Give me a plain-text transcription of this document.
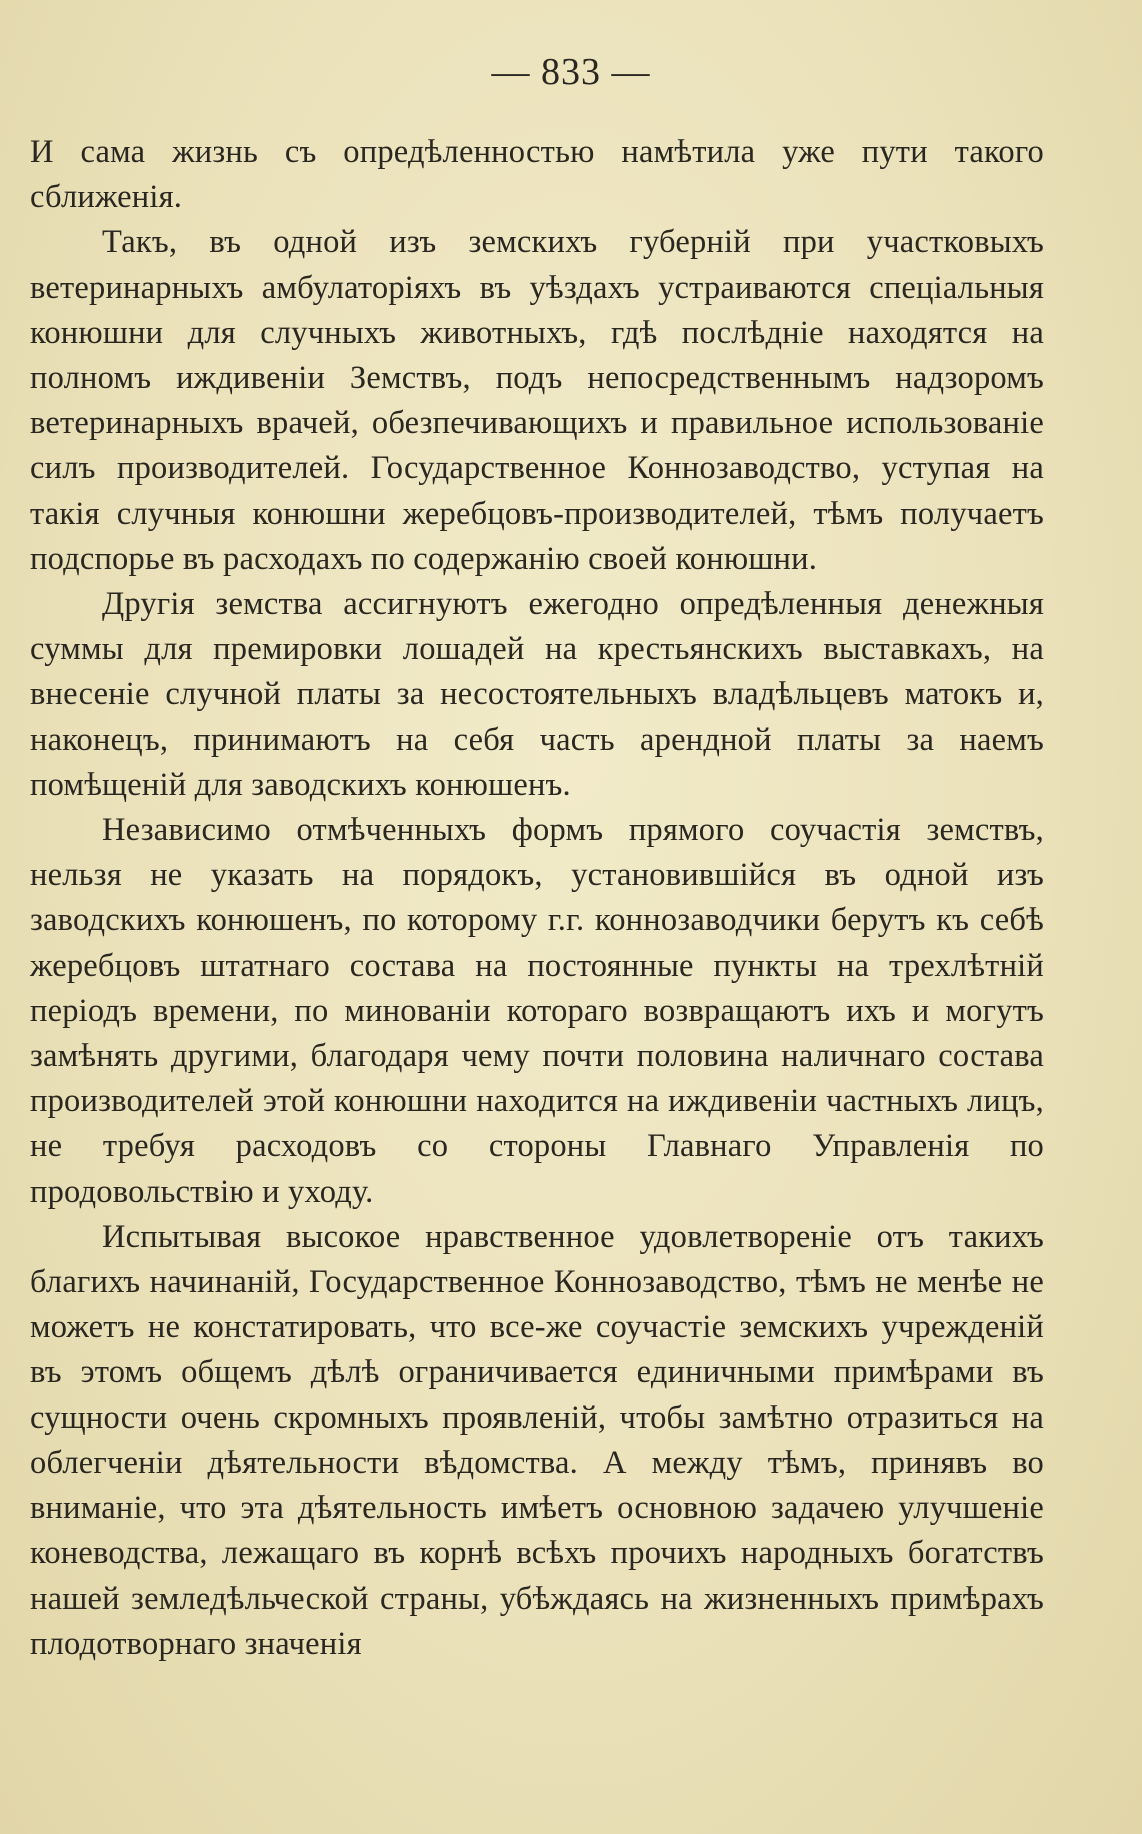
— 833 —

И сама жизнь съ опредѣленностью намѣтила уже пути такого сближенія.

Такъ, въ одной изъ земскихъ губерній при участковыхъ ветеринарныхъ амбулаторіяхъ въ уѣздахъ устраиваются спеціальныя конюшни для случныхъ животныхъ, гдѣ послѣдніе находятся на полномъ иждивеніи Земствъ, подъ непосредственнымъ надзоромъ ветеринарныхъ врачей, обезпечивающихъ и правильное использованіе силъ производителей. Государственное Коннозаводство, уступая на такія случныя конюшни жеребцовъ-производителей, тѣмъ получаетъ подспорье въ расходахъ по содержанію своей конюшни.

Другія земства ассигнуютъ ежегодно опредѣленныя денежныя суммы для премировки лошадей на крестьянскихъ выставкахъ, на внесеніе случной платы за несостоятельныхъ владѣльцевъ матокъ и, наконецъ, принимаютъ на себя часть арендной платы за наемъ помѣщеній для заводскихъ конюшенъ.

Независимо отмѣченныхъ формъ прямого соучастія земствъ, нельзя не указать на порядокъ, установившійся въ одной изъ заводскихъ конюшенъ, по которому г.г. коннозаводчики берутъ къ себѣ жеребцовъ штатнаго состава на постоянные пункты на трехлѣтній періодъ времени, по минованіи котораго возвращаютъ ихъ и могутъ замѣнять другими, благодаря чему почти половина наличнаго состава производителей этой конюшни находится на иждивеніи частныхъ лицъ, не требуя расходовъ со стороны Главнаго Управленія по продовольствію и уходу.

Испытывая высокое нравственное удовлетвореніе отъ такихъ благихъ начинаній, Государственное Коннозаводство, тѣмъ не менѣе не можетъ не констатировать, что все-же соучастіе земскихъ учрежденій въ этомъ общемъ дѣлѣ ограничивается единичными примѣрами въ сущности очень скромныхъ проявленій, чтобы замѣтно отразиться на облегченіи дѣятельности вѣдомства. А между тѣмъ, принявъ во вниманіе, что эта дѣятельность имѣетъ основною задачею улучшеніе коневодства, лежащаго въ корнѣ всѣхъ прочихъ народныхъ богатствъ нашей земледѣльческой страны, убѣждаясь на жизненныхъ примѣрахъ плодотворнаго значенія
